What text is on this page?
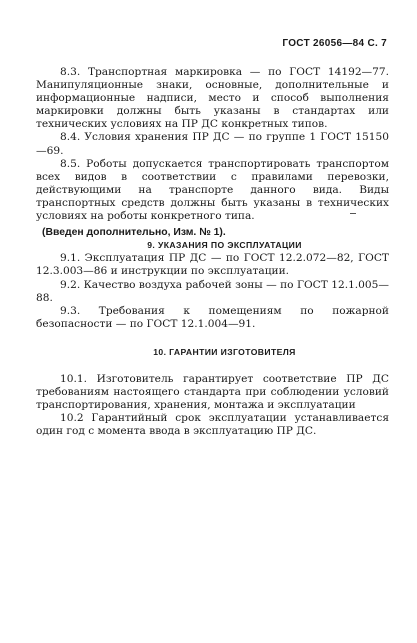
ГОСТ 26056—84 С. 7

8.3. Транспортная маркировка — по ГОСТ 14192—77. Манипуляционные знаки, основные, дополнительные и информационные надписи, место и способ выполнения маркировки должны быть указаны в стандартах или технических условиях на ПР ДС конкретных типов.

8.4. Условия хранения ПР ДС — по группе 1 ГОСТ 15150—69.

8.5. Роботы допускается транспортировать транспортом всех видов в соответствии с правилами перевозки, действующими на транспорте данного вида. Виды транспортных средств должны быть указаны в технических условиях на роботы конкретного типа.

(Введен дополнительно, Изм. № 1).

9. УКАЗАНИЯ ПО ЭКСПЛУАТАЦИИ

9.1. Эксплуатация ПР ДС — по ГОСТ 12.2.072—82, ГОСТ 12.3.003—86 и инструкции по эксплуатации.

9.2. Качество воздуха рабочей зоны — по ГОСТ 12.1.005—88.

9.3. Требования к помещениям по пожарной безопасности — по ГОСТ 12.1.004—91.

10. ГАРАНТИИ ИЗГОТОВИТЕЛЯ

10.1. Изготовитель гарантирует соответствие ПР ДС требованиям настоящего стандарта при соблюдении условий транспортирования, хранения, монтажа и эксплуатации

10.2 Гарантийный срок эксплуатации устанавливается один год с момента ввода в эксплуатацию ПР ДС.
